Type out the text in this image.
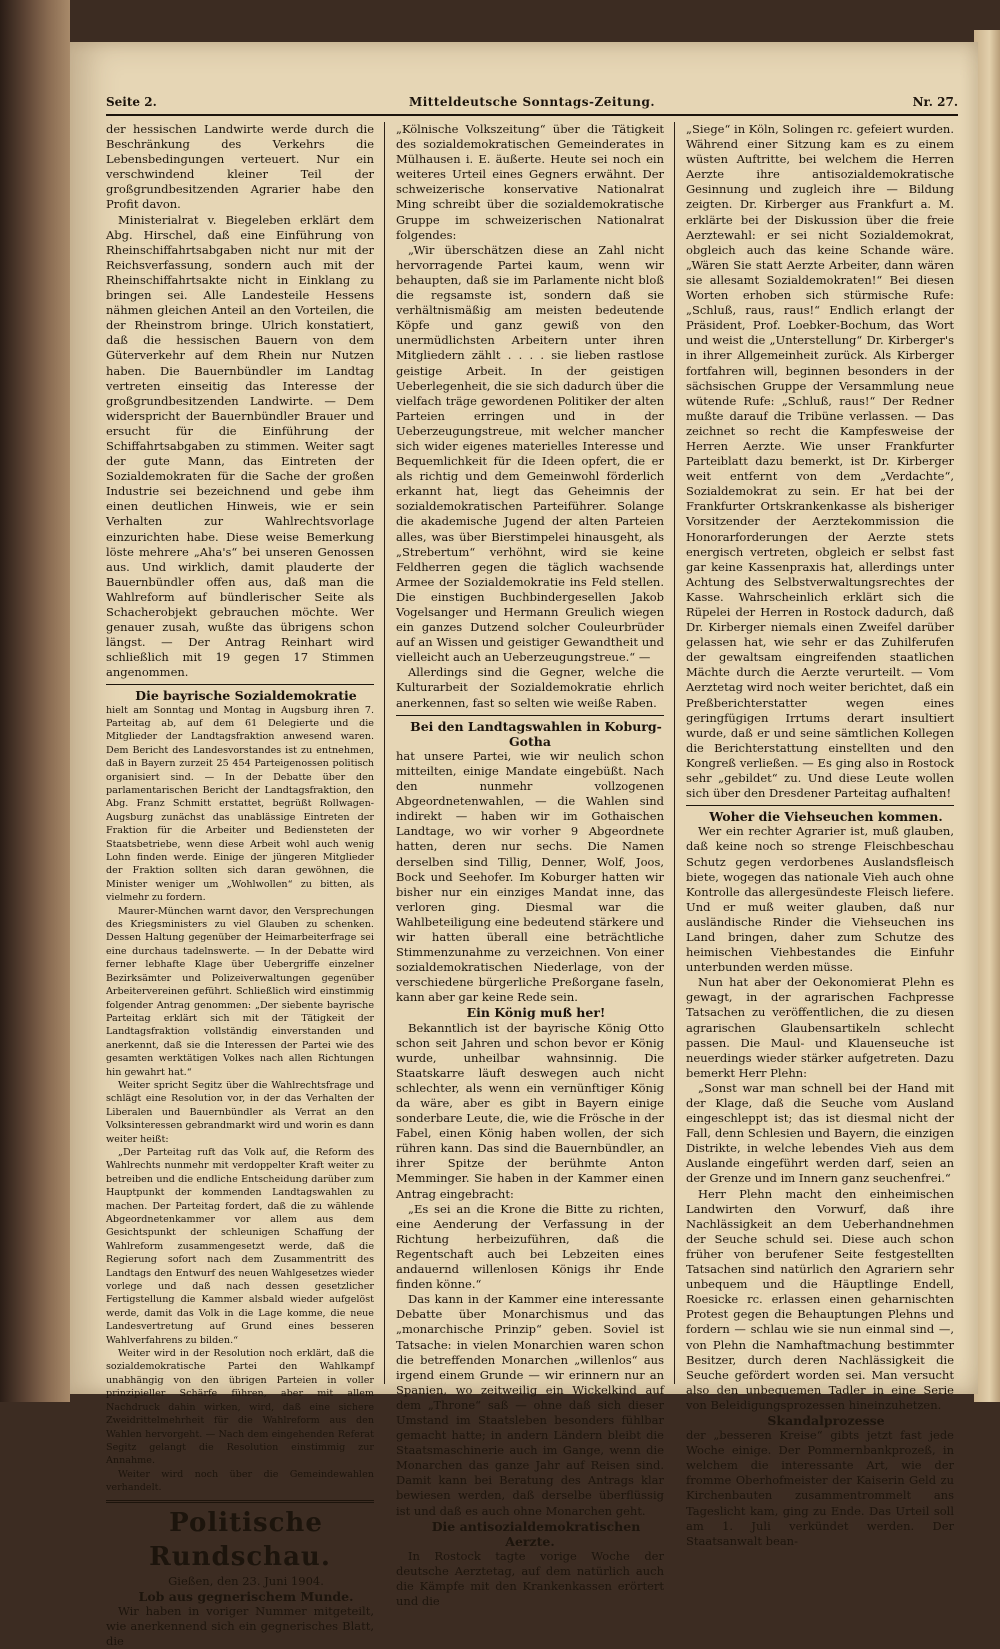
Seite 2.	Mitteldeutsche Sonntags-Zeitung.	Nr. 27.

der hessischen Landwirte werde durch die Beschränkung des Verkehrs die Lebensbedingungen verteuert. Nur ein verschwindend kleiner Teil der großgrundbesitzenden Agrarier habe den Profit davon.

Ministerialrat v. Biegeleben erklärt dem Abg. Hirschel, daß eine Einführung von Rheinschiffahrtsabgaben nicht nur mit der Reichsverfassung, sondern auch mit der Rheinschiffahrtsakte nicht in Einklang zu bringen sei. Alle Landesteile Hessens nähmen gleichen Anteil an den Vorteilen, die der Rheinstrom bringe. Ulrich konstatiert, daß die hessischen Bauern von dem Güterverkehr auf dem Rhein nur Nutzen haben. Die Bauernbündler im Landtag vertreten einseitig das Interesse der großgrundbesitzenden Landwirte. — Dem widerspricht der Bauernbündler Brauer und ersucht für die Einführung der Schiffahrtsabgaben zu stimmen. Weiter sagt der gute Mann, das Eintreten der Sozialdemokraten für die Sache der großen Industrie sei bezeichnend und gebe ihm einen deutlichen Hinweis, wie er sein Verhalten zur Wahlrechtsvorlage einzurichten habe. Diese weise Bemerkung löste mehrere „Aha's“ bei unseren Genossen aus. Und wirklich, damit plauderte der Bauernbündler offen aus, daß man die Wahlreform auf bündlerischer Seite als Schacherobjekt gebrauchen möchte. Wer genauer zusah, wußte das übrigens schon längst. — Der Antrag Reinhart wird schließlich mit 19 gegen 17 Stimmen angenommen.

Die bayrische Sozialdemokratie

hielt am Sonntag und Montag in Augsburg ihren 7. Parteitag ab, auf dem 61 Delegierte und die Mitglieder der Landtagsfraktion anwesend waren. Dem Bericht des Landesvorstandes ist zu entnehmen, daß in Bayern zurzeit 25 454 Parteigenossen politisch organisiert sind. — In der Debatte über den parlamentarischen Bericht der Landtagsfraktion, den Abg. Franz Schmitt erstattet, begrüßt Rollwagen-Augsburg zunächst das unablässige Eintreten der Fraktion für die Arbeiter und Bediensteten der Staatsbetriebe, wenn diese Arbeit wohl auch wenig Lohn finden werde. Einige der jüngeren Mitglieder der Fraktion sollten sich daran gewöhnen, die Minister weniger um „Wohlwollen“ zu bitten, als vielmehr zu fordern.

Maurer-München warnt davor, den Versprechungen des Kriegsministers zu viel Glauben zu schenken. Dessen Haltung gegenüber der Heimarbeiterfrage sei eine durchaus tadelnswerte. — In der Debatte wird ferner lebhafte Klage über Uebergriffe einzelner Bezirksämter und Polizeiverwaltungen gegenüber Arbeitervereinen geführt. Schließlich wird einstimmig folgender Antrag genommen: „Der siebente bayrische Parteitag erklärt sich mit der Tätigkeit der Landtagsfraktion vollständig einverstanden und anerkennt, daß sie die Interessen der Partei wie des gesamten werktätigen Volkes nach allen Richtungen hin gewahrt hat.“

Weiter spricht Segitz über die Wahlrechtsfrage und schlägt eine Resolution vor, in der das Verhalten der Liberalen und Bauernbündler als Verrat an den Volksinteressen gebrandmarkt wird und worin es dann weiter heißt:

„Der Parteitag ruft das Volk auf, die Reform des Wahlrechts nunmehr mit verdoppelter Kraft weiter zu betreiben und die endliche Entscheidung darüber zum Hauptpunkt der kommenden Landtagswahlen zu machen. Der Parteitag fordert, daß die zu wählende Abgeordnetenkammer vor allem aus dem Gesichtspunkt der schleunigen Schaffung der Wahlreform zusammengesetzt werde, daß die Regierung sofort nach dem Zusammentritt des Landtags den Entwurf des neuen Wahlgesetzes wieder vorlege und daß nach dessen gesetzlicher Fertigstellung die Kammer alsbald wieder aufgelöst werde, damit das Volk in die Lage komme, die neue Landesvertretung auf Grund eines besseren Wahlverfahrens zu bilden.“

Weiter wird in der Resolution noch erklärt, daß die sozialdemokratische Partei den Wahlkampf unabhängig von den übrigen Parteien in voller prinzipieller Schärfe führen, aber mit allem Nachdruck dahin wirken, wird, daß eine sichere Zweidrittelmehrheit für die Wahlreform aus den Wahlen hervorgeht. — Nach dem eingehenden Referat Segitz gelangt die Resolution einstimmig zur Annahme.

Weiter wird noch über die Gemeindewahlen verhandelt.

Politische Rundschau.

Gießen, den 23. Juni 1904.

Lob aus gegnerischem Munde.

Wir haben in voriger Nummer mitgeteilt, wie anerkennend sich ein gegnerisches Blatt, die

„Kölnische Volkszeitung“ über die Tätigkeit des sozialdemokratischen Gemeinderates in Mülhausen i. E. äußerte. Heute sei noch ein weiteres Urteil eines Gegners erwähnt. Der schweizerische konservative Nationalrat Ming schreibt über die sozialdemokratische Gruppe im schweizerischen Nationalrat folgendes:

„Wir überschätzen diese an Zahl nicht hervorragende Partei kaum, wenn wir behaupten, daß sie im Parlamente nicht bloß die regsamste ist, sondern daß sie verhältnismäßig am meisten bedeutende Köpfe und ganz gewiß von den unermüdlichsten Arbeitern unter ihren Mitgliedern zählt . . . . sie lieben rastlose geistige Arbeit. In der geistigen Ueberlegenheit, die sie sich dadurch über die vielfach träge gewordenen Politiker der alten Parteien erringen und in der Ueberzeugungstreue, mit welcher mancher sich wider eigenes materielles Interesse und Bequemlichkeit für die Ideen opfert, die er als richtig und dem Gemeinwohl förderlich erkannt hat, liegt das Geheimnis der sozialdemokratischen Parteiführer. Solange die akademische Jugend der alten Parteien alles, was über Bierstimpelei hinausgeht, als „Strebertum“ verhöhnt, wird sie keine Feldherren gegen die täglich wachsende Armee der Sozialdemokratie ins Feld stellen. Die einstigen Buchbindergesellen Jakob Vogelsanger und Hermann Greulich wiegen ein ganzes Dutzend solcher Couleurbrüder auf an Wissen und geistiger Gewandtheit und vielleicht auch an Ueberzeugungstreue.“ —

Allerdings sind die Gegner, welche die Kulturarbeit der Sozialdemokratie ehrlich anerkennen, fast so selten wie weiße Raben.

Bei den Landtagswahlen in Koburg-Gotha

hat unsere Partei, wie wir neulich schon mitteilten, einige Mandate eingebüßt. Nach den nunmehr vollzogenen Abgeordnetenwahlen, — die Wahlen sind indirekt — haben wir im Gothaischen Landtage, wo wir vorher 9 Abgeordnete hatten, deren nur sechs. Die Namen derselben sind Tillig, Denner, Wolf, Joos, Bock und Seehofer. Im Koburger hatten wir bisher nur ein einziges Mandat inne, das verloren ging. Diesmal war die Wahlbeteiligung eine bedeutend stärkere und wir hatten überall eine beträchtliche Stimmenzunahme zu verzeichnen. Von einer sozialdemokratischen Niederlage, von der verschiedene bürgerliche Preßorgane faseln, kann aber gar keine Rede sein.

Ein König muß her!

Bekanntlich ist der bayrische König Otto schon seit Jahren und schon bevor er König wurde, unheilbar wahnsinnig. Die Staatskarre läuft deswegen auch nicht schlechter, als wenn ein vernünftiger König da wäre, aber es gibt in Bayern einige sonderbare Leute, die, wie die Frösche in der Fabel, einen König haben wollen, der sich rühren kann. Das sind die Bauernbündler, an ihrer Spitze der berühmte Anton Memminger. Sie haben in der Kammer einen Antrag eingebracht:

„Es sei an die Krone die Bitte zu richten, eine Aenderung der Verfassung in der Richtung herbeizuführen, daß die Regentschaft auch bei Lebzeiten eines andauernd willenlosen Königs ihr Ende finden könne.“

Das kann in der Kammer eine interessante Debatte über Monarchismus und das „monarchische Prinzip“ geben. Soviel ist Tatsache: in vielen Monarchien waren schon die betreffenden Monarchen „willenlos“ aus irgend einem Grunde — wir erinnern nur an Spanien, wo zeitweilig ein Wickelkind auf dem „Throne“ saß — ohne daß sich dieser Umstand im Staatsleben besonders fühlbar gemacht hatte; in andern Ländern bleibt die Staatsmaschinerie auch im Gange, wenn die Monarchen das ganze Jahr auf Reisen sind. Damit kann bei Beratung des Antrags klar bewiesen werden, daß derselbe überflüssig ist und daß es auch ohne Monarchen geht.

Die antisozialdemokratischen Aerzte.

In Rostock tagte vorige Woche der deutsche Aerztetag, auf dem natürlich auch die Kämpfe mit den Krankenkassen erörtert und die

„Siege“ in Köln, Solingen rc. gefeiert wurden. Während einer Sitzung kam es zu einem wüsten Auftritte, bei welchem die Herren Aerzte ihre antisozialdemokratische Gesinnung und zugleich ihre — Bildung zeigten. Dr. Kirberger aus Frankfurt a. M. erklärte bei der Diskussion über die freie Aerztewahl: er sei nicht Sozialdemokrat, obgleich auch das keine Schande wäre. „Wären Sie statt Aerzte Arbeiter, dann wären sie allesamt Sozialdemokraten!“ Bei diesen Worten erhoben sich stürmische Rufe: „Schluß, raus, raus!“ Endlich erlangt der Präsident, Prof. Loebker-Bochum, das Wort und weist die „Unterstellung“ Dr. Kirberger's in ihrer Allgemeinheit zurück. Als Kirberger fortfahren will, beginnen besonders in der sächsischen Gruppe der Versammlung neue wütende Rufe: „Schluß, raus!“ Der Redner mußte darauf die Tribüne verlassen. — Das zeichnet so recht die Kampfesweise der Herren Aerzte. Wie unser Frankfurter Parteiblatt dazu bemerkt, ist Dr. Kirberger weit entfernt von dem „Verdachte“, Sozialdemokrat zu sein. Er hat bei der Frankfurter Ortskrankenkasse als bisheriger Vorsitzender der Aerztekommission die Honorarforderungen der Aerzte stets energisch vertreten, obgleich er selbst fast gar keine Kassenpraxis hat, allerdings unter Achtung des Selbstverwaltungsrechtes der Kasse. Wahrscheinlich erklärt sich die Rüpelei der Herren in Rostock dadurch, daß Dr. Kirberger niemals einen Zweifel darüber gelassen hat, wie sehr er das Zuhilferufen der gewaltsam eingreifenden staatlichen Mächte durch die Aerzte verurteilt. — Vom Aerztetag wird noch weiter berichtet, daß ein Preßberichterstatter wegen eines geringfügigen Irrtums derart insultiert wurde, daß er und seine sämtlichen Kollegen die Berichterstattung einstellten und den Kongreß verließen. — Es ging also in Rostock sehr „gebildet“ zu. Und diese Leute wollen sich über den Dresdener Parteitag aufhalten!

Woher die Viehseuchen kommen.

Wer ein rechter Agrarier ist, muß glauben, daß keine noch so strenge Fleischbeschau Schutz gegen verdorbenes Auslandsfleisch biete, wogegen das nationale Vieh auch ohne Kontrolle das allergesündeste Fleisch liefere. Und er muß weiter glauben, daß nur ausländische Rinder die Viehseuchen ins Land bringen, daher zum Schutze des heimischen Viehbestandes die Einfuhr unterbunden werden müsse.

Nun hat aber der Oekonomierat Plehn es gewagt, in der agrarischen Fachpresse Tatsachen zu veröffentlichen, die zu diesen agrarischen Glaubensartikeln schlecht passen. Die Maul- und Klauenseuche ist neuerdings wieder stärker aufgetreten. Dazu bemerkt Herr Plehn:

„Sonst war man schnell bei der Hand mit der Klage, daß die Seuche vom Ausland eingeschleppt ist; das ist diesmal nicht der Fall, denn Schlesien und Bayern, die einzigen Distrikte, in welche lebendes Vieh aus dem Auslande eingeführt werden darf, seien an der Grenze und im Innern ganz seuchenfrei.“

Herr Plehn macht den einheimischen Landwirten den Vorwurf, daß ihre Nachlässigkeit an dem Ueberhandnehmen der Seuche schuld sei. Diese auch schon früher von berufener Seite festgestellten Tatsachen sind natürlich den Agrariern sehr unbequem und die Häuptlinge Endell, Roesicke rc. erlassen einen geharnischten Protest gegen die Behauptungen Plehns und fordern — schlau wie sie nun einmal sind —, von Plehn die Namhaftmachung bestimmter Besitzer, durch deren Nachlässigkeit die Seuche gefördert worden sei. Man versucht also den unbequemen Tadler in eine Serie von Beleidigungsprozessen hineinzuhetzen.

Skandalprozesse

der „besseren Kreise“ gibts jetzt fast jede Woche einige. Der Pommernbankprozeß, in welchem die interessante Art, wie der fromme Oberhofmeister der Kaiserin Geld zu Kirchenbauten zusammentrommelt ans Tageslicht kam, ging zu Ende. Das Urteil soll am 1. Juli verkündet werden. Der Staatsanwalt bean-
